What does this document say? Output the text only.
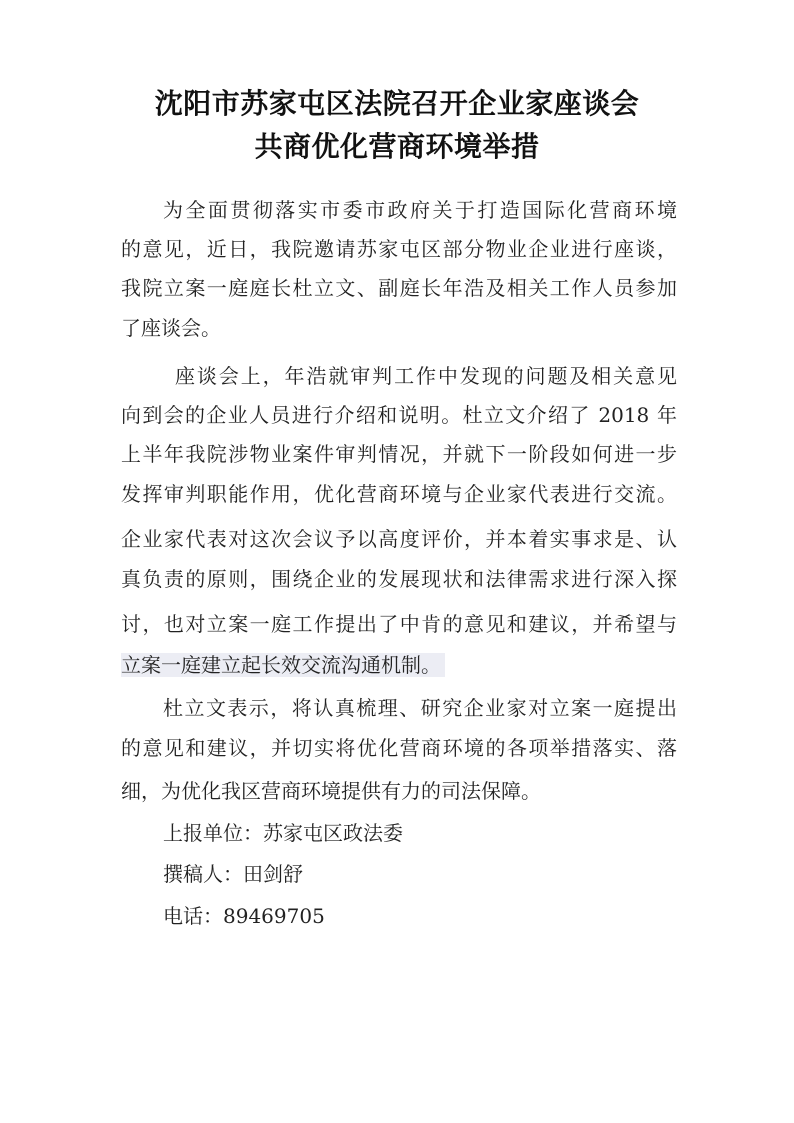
沈阳市苏家屯区法院召开企业家座谈会
共商优化营商环境举措
为全面贯彻落实市委市政府关于打造国际化营商环境
的意见，近日，我院邀请苏家屯区部分物业企业进行座谈，
我院立案一庭庭长杜立文、副庭长年浩及相关工作人员参加
了座谈会。
座谈会上，年浩就审判工作中发现的问题及相关意见
向到会的企业人员进行介绍和说明。杜立文介绍了 2018 年
上半年我院涉物业案件审判情况，并就下一阶段如何进一步
发挥审判职能作用，优化营商环境与企业家代表进行交流。
企业家代表对这次会议予以高度评价，并本着实事求是、认
真负责的原则，围绕企业的发展现状和法律需求进行深入探
讨，也对立案一庭工作提出了中肯的意见和建议，并希望与
立案一庭建立起长效交流沟通机制。
杜立文表示，将认真梳理、研究企业家对立案一庭提出
的意见和建议，并切实将优化营商环境的各项举措落实、落
细，为优化我区营商环境提供有力的司法保障。
上报单位：苏家屯区政法委
撰稿人：田剑舒
电话：89469705
